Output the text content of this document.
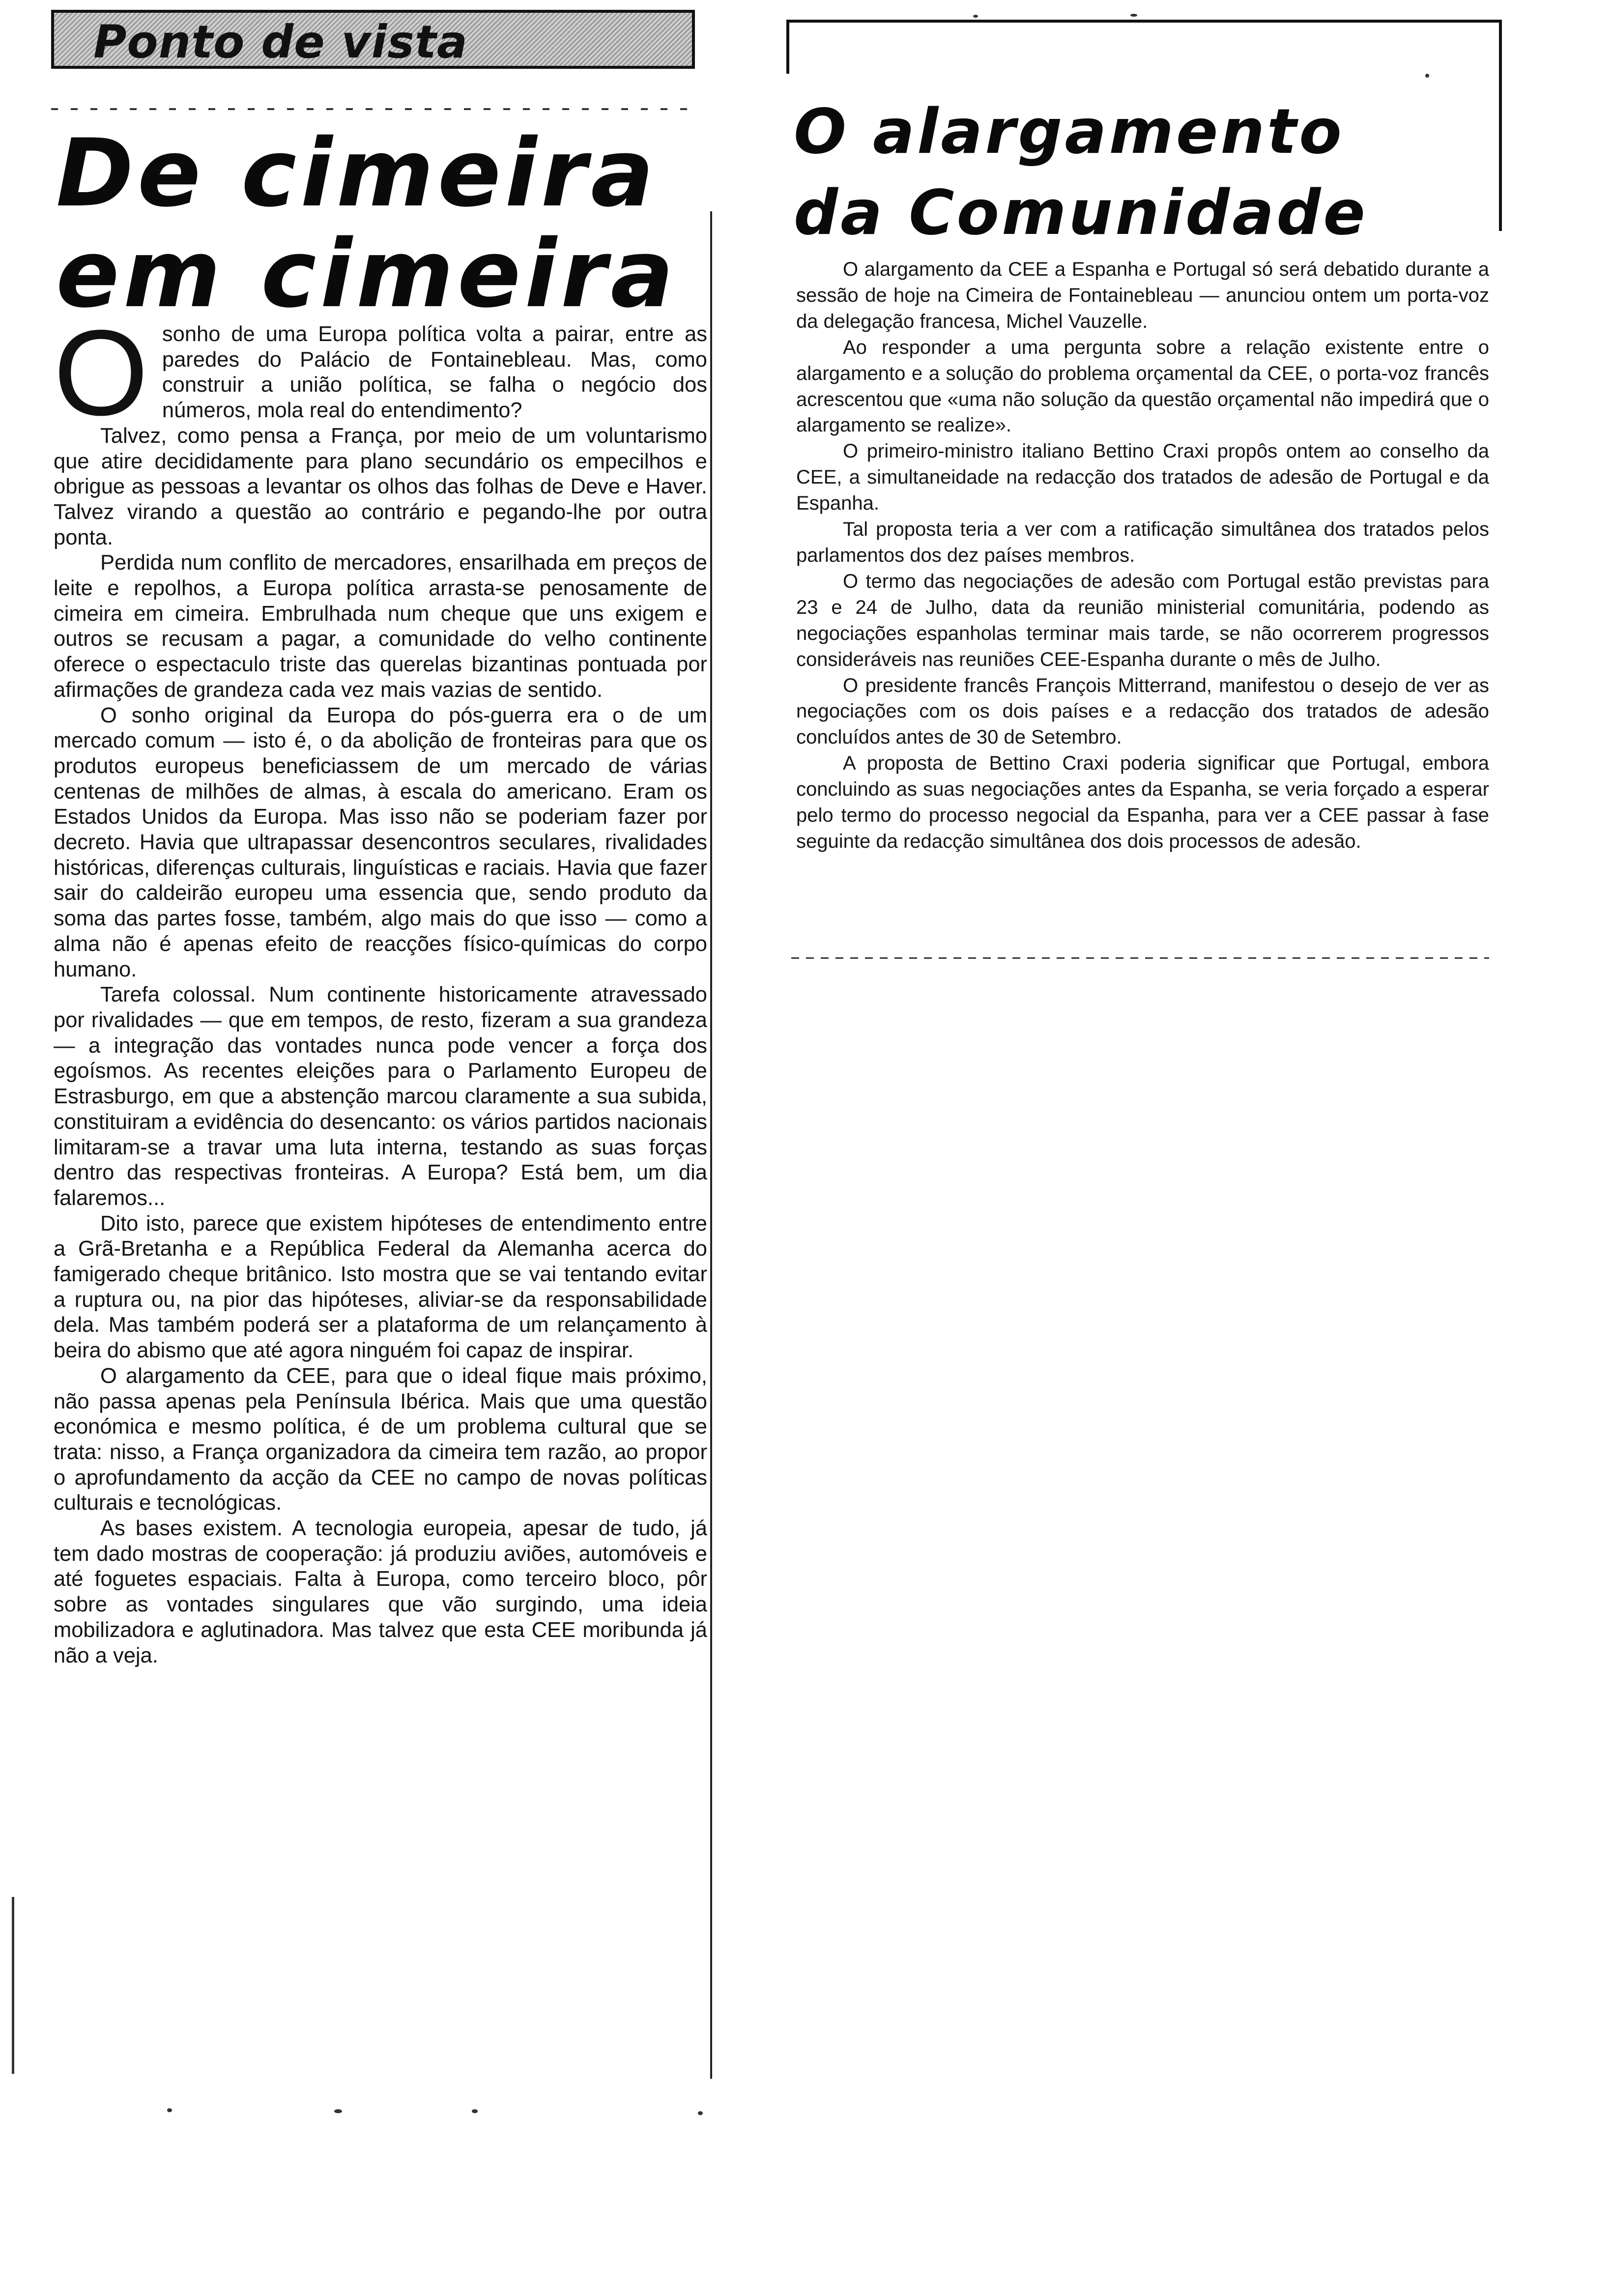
Ponto de vista
De cimeira
em cimeira

Osonho de uma Europa política volta a pairar, entre as paredes do Palácio de Fontainebleau. Mas, como construir a união política, se falha o negócio dos números, mola real do entendimento?

Talvez, como pensa a França, por meio de um voluntarismo que atire decididamente para plano secundário os empecilhos e obrigue as pessoas a levantar os olhos das folhas de Deve e Haver. Talvez virando a questão ao contrário e pegando-lhe por outra ponta.

Perdida num conflito de mercadores, ensarilhada em preços de leite e repolhos, a Europa política arrasta-se penosamente de cimeira em cimeira. Embrulhada num cheque que uns exigem e outros se recusam a pagar, a comunidade do velho continente oferece o espectaculo triste das querelas bizantinas pontuada por afirmações de grandeza cada vez mais vazias de sentido.

O sonho original da Europa do pós-guerra era o de um mercado comum — isto é, o da abolição de fronteiras para que os produtos europeus beneficiassem de um mercado de várias centenas de milhões de almas, à escala do americano. Eram os Estados Unidos da Europa. Mas isso não se poderiam fazer por decreto. Havia que ultrapassar desencontros seculares, rivalidades históricas, diferenças culturais, linguísticas e raciais. Havia que fazer sair do caldeirão europeu uma essencia que, sendo produto da soma das partes fosse, também, algo mais do que isso — como a alma não é apenas efeito de reacções físico-químicas do corpo humano.

Tarefa colossal. Num continente historicamente atravessado por rivalidades — que em tempos, de resto, fizeram a sua grandeza — a integração das vontades nunca pode vencer a força dos egoísmos. As recentes eleições para o Parlamento Europeu de Estrasburgo, em que a abstenção marcou claramente a sua subida, constituiram a evidência do desencanto: os vários partidos nacionais limitaram-se a travar uma luta interna, testando as suas forças dentro das respectivas fronteiras. A Europa? Está bem, um dia falaremos...

Dito isto, parece que existem hipóteses de entendimento entre a Grã-Bretanha e a República Federal da Alemanha acerca do famigerado cheque britânico. Isto mostra que se vai tentando evitar a ruptura ou, na pior das hipóteses, aliviar-se da responsabilidade dela. Mas também poderá ser a plataforma de um relançamento à beira do abismo que até agora ninguém foi capaz de inspirar.

O alargamento da CEE, para que o ideal fique mais próximo, não passa apenas pela Península Ibérica. Mais que uma questão económica e mesmo política, é de um problema cultural que se trata: nisso, a França organizadora da cimeira tem razão, ao propor o aprofundamento da acção da CEE no campo de novas políticas culturais e tecnológicas.

As bases existem. A tecnologia europeia, apesar de tudo, já tem dado mostras de cooperação: já produziu aviões, automóveis e até foguetes espaciais. Falta à Europa, como terceiro bloco, pôr sobre as vontades singulares que vão surgindo, uma ideia mobilizadora e aglutinadora. Mas talvez que esta CEE moribunda já não a veja.

O alargamento
da Comunidade

O alargamento da CEE a Espanha e Portugal só será debatido durante a sessão de hoje na Cimeira de Fontainebleau — anunciou ontem um porta-voz da delegação francesa, Michel Vauzelle.

Ao responder a uma pergunta sobre a relação existente entre o alargamento e a solução do problema orçamental da CEE, o porta-voz francês acrescentou que «uma não solução da questão orçamental não impedirá que o alargamento se realize».

O primeiro-ministro italiano Bettino Craxi propôs ontem ao conselho da CEE, a simultaneidade na redacção dos tratados de adesão de Portugal e da Espanha.

Tal proposta teria a ver com a ratificação simultânea dos tratados pelos parlamentos dos dez países membros.

O termo das negociações de adesão com Portugal estão previstas para 23 e 24 de Julho, data da reunião ministerial comunitária, podendo as negociações espanholas terminar mais tarde, se não ocorrerem progressos consideráveis nas reuniões CEE-Espanha durante o mês de Julho.

O presidente francês François Mitterrand, manifestou o desejo de ver as negociações com os dois países e a redacção dos tratados de adesão concluídos antes de 30 de Setembro.

A proposta de Bettino Craxi poderia significar que Portugal, embora concluindo as suas negociações antes da Espanha, se veria forçado a esperar pelo termo do processo negocial da Espanha, para ver a CEE passar à fase seguinte da redacção simultânea dos dois processos de adesão.
